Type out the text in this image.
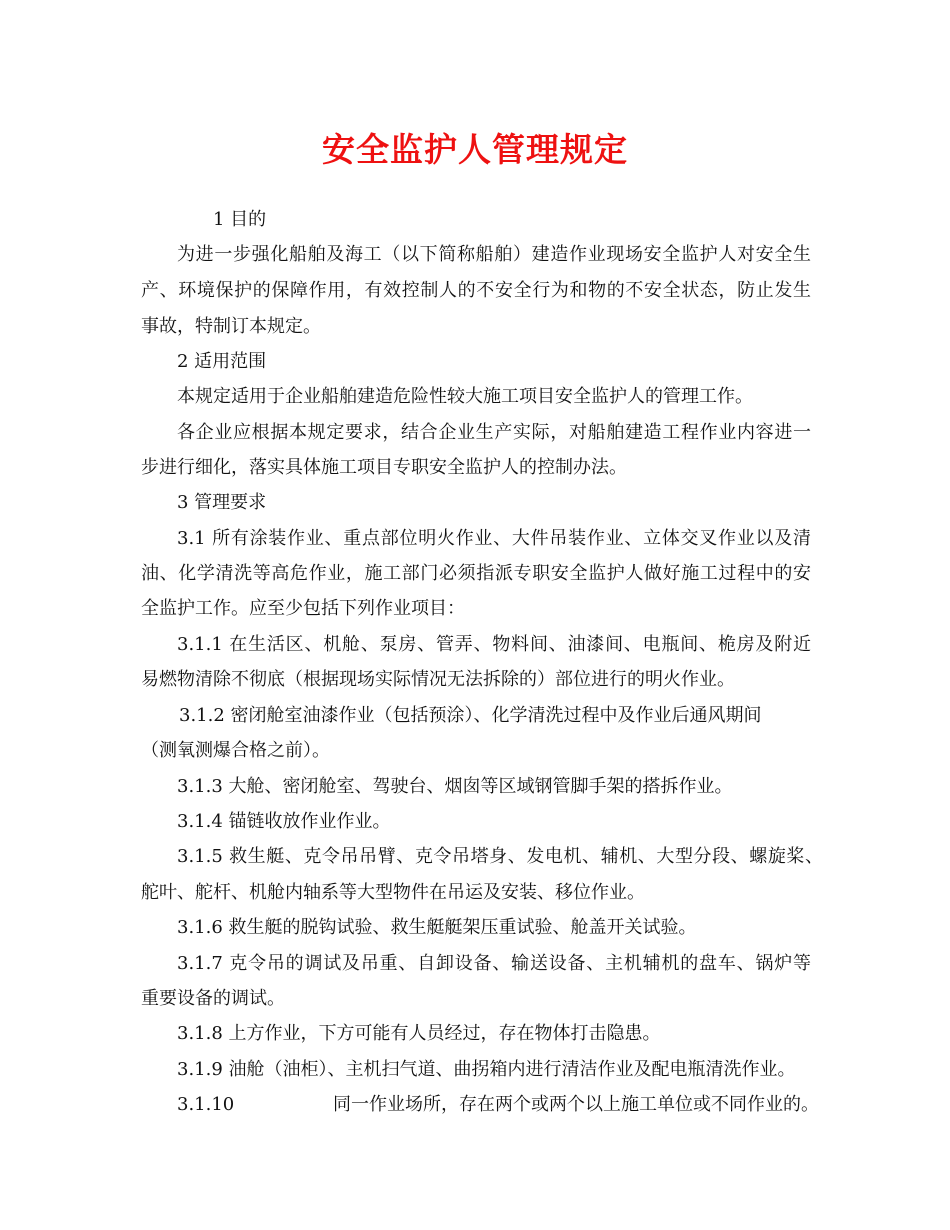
安全监护人管理规定

1 目的

为进一步强化船舶及海工（以下简称船舶）建造作业现场安全监护人对安全生

产、环境保护的保障作用，有效控制人的不安全行为和物的不安全状态，防止发生

事故，特制订本规定。

2 适用范围

本规定适用于企业船舶建造危险性较大施工项目安全监护人的管理工作。

各企业应根据本规定要求，结合企业生产实际，对船舶建造工程作业内容进一

步进行细化，落实具体施工项目专职安全监护人的控制办法。

3 管理要求

3.1 所有涂装作业、重点部位明火作业、大件吊装作业、立体交叉作业以及清

油、化学清洗等高危作业，施工部门必须指派专职安全监护人做好施工过程中的安

全监护工作。应至少包括下列作业项目：

3.1.1 在生活区、机舱、泵房、管弄、物料间、油漆间、电瓶间、桅房及附近

易燃物清除不彻底（根据现场实际情况无法拆除的）部位进行的明火作业。

3.1.2 密闭舱室油漆作业（包括预涂）、化学清洗过程中及作业后通风期间

（测氧测爆合格之前）。

3.1.3 大舱、密闭舱室、驾驶台、烟囱等区域钢管脚手架的搭拆作业。

3.1.4 锚链收放作业作业。

3.1.5 救生艇、克令吊吊臂、克令吊塔身、发电机、辅机、大型分段、螺旋桨、

舵叶、舵杆、机舱内轴系等大型物件在吊运及安装、移位作业。

3.1.6 救生艇的脱钩试验、救生艇艇架压重试验、舱盖开关试验。

3.1.7 克令吊的调试及吊重、自卸设备、输送设备、主机辅机的盘车、锅炉等

重要设备的调试。

3.1.8 上方作业，下方可能有人员经过，存在物体打击隐患。

3.1.9 油舱（油柜）、主机扫气道、曲拐箱内进行清洁作业及配电瓶清洗作业。

3.1.10	同一作业场所，存在两个或两个以上施工单位或不同作业的。
